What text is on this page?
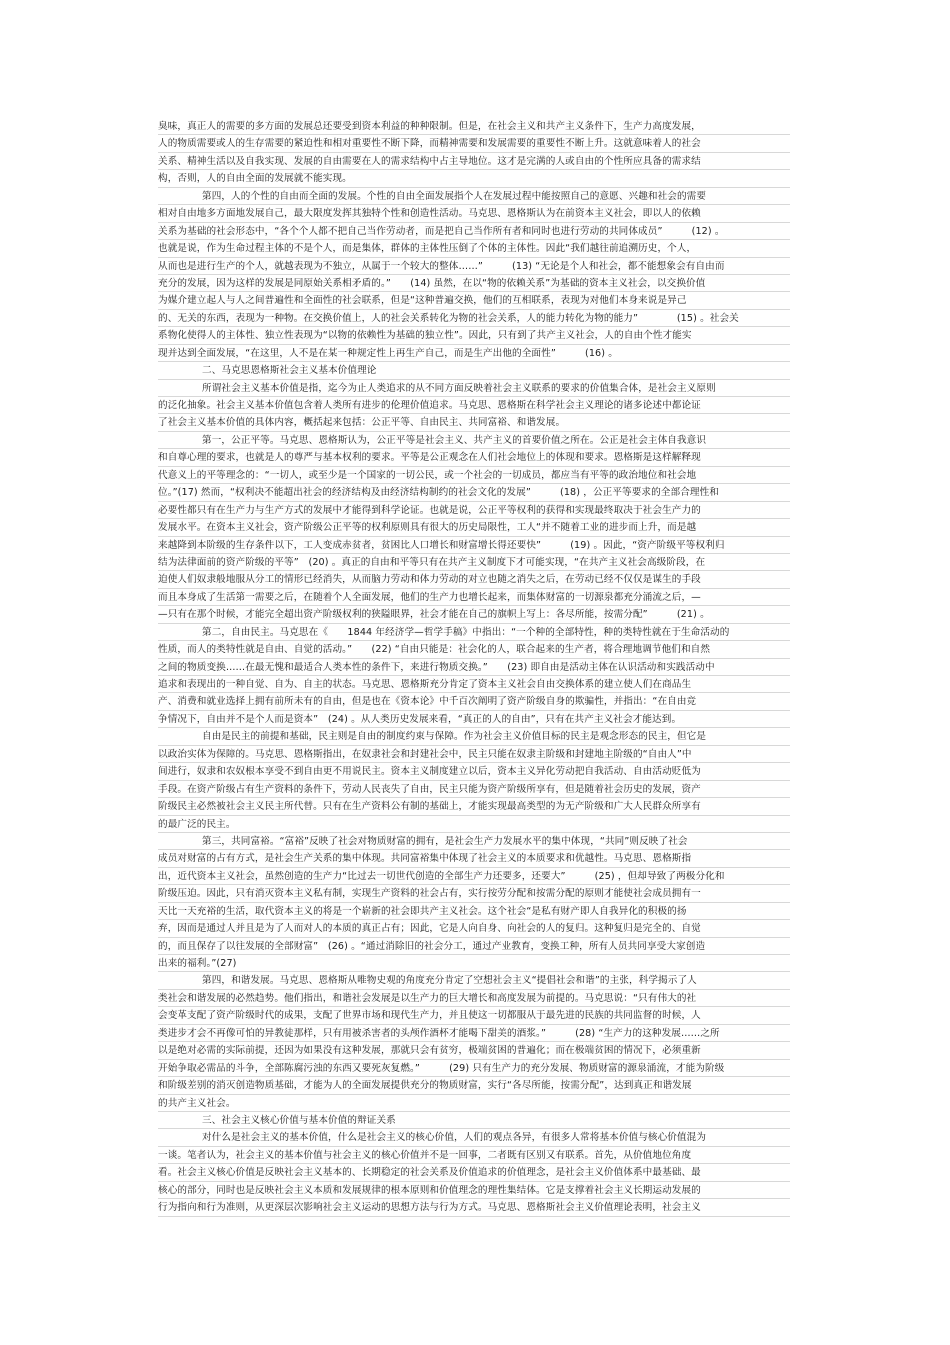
臭味，真正人的需要的多方面的发展总还要受到资本利益的种种限制。但是，在社会主义和共产主义条件下，生产力高度发展，
人的物质需要或人的生存需要的紧迫性和相对重要性不断下降，而精神需要和发展需要的重要性不断上升。这就意味着人的社会
关系、精神生活以及自我实现、发展的自由需要在人的需求结构中占主导地位。这才是完满的人或自由的个性所应具备的需求结
构，否则，人的自由全面的发展就不能实现。
第四，人的个性的自由而全面的发展。个性的自由全面发展指个人在发展过程中能按照自己的意愿、兴趣和社会的需要
相对自由地多方面地发展自己，最大限度发挥其独特个性和创造性活动。马克思、恩格斯认为在前资本主义社会，即以人的依赖
关系为基础的社会形态中，“各个个人都不把自己当作劳动者，而是把自己当作所有者和同时也进行劳动的共同体成员”　　　(12) 。
也就是说，作为生命过程主体的不是个人，而是集体，群体的主体性压倒了个体的主体性。因此“我们越往前追溯历史，个人，
从而也是进行生产的个人，就越表现为不独立，从属于一个较大的整体……”　　　(13) “无论是个人和社会，都不能想象会有自由而
充分的发展，因为这样的发展是同原始关系相矛盾的。”　　(14) 虽然，在以“物的依赖关系”为基础的资本主义社会，以交换价值
为媒介建立起人与人之间普遍性和全面性的社会联系，但是“这种普遍交换，他们的互相联系，表现为对他们本身来说是异己
的、无关的东西，表现为一种物。在交换价值上，人的社会关系转化为物的社会关系，人的能力转化为物的能力”　　　　(15) 。社会关
系物化使得人的主体性、独立性表现为“以物的依赖性为基础的独立性”。因此，只有到了共产主义社会，人的自由个性才能实
现并达到全面发展，“在这里，人不是在某一种规定性上再生产自己，而是生产出他的全面性”　　　(16) 。
二、马克思恩格斯社会主义基本价值理论
所谓社会主义基本价值是指，迄今为止人类追求的从不同方面反映着社会主义联系的要求的价值集合体，是社会主义原则
的泛化抽象。社会主义基本价值包含着人类所有进步的伦理价值追求。马克思、恩格斯在科学社会主义理论的诸多论述中都论证
了社会主义基本价值的具体内容，概括起来包括：公正平等、自由民主、共同富裕、和谐发展。
第一，公正平等。马克思、恩格斯认为，公正平等是社会主义、共产主义的首要价值之所在。公正是社会主体自我意识
和自尊心理的要求，也就是人的尊严与基本权利的要求。平等是公正观念在人们社会地位上的体现和要求。恩格斯是这样解释现
代意义上的平等理念的：“一切人，或至少是一个国家的一切公民，或一个社会的一切成员，都应当有平等的政治地位和社会地
位。”(17) 然而，“权利决不能超出社会的经济结构及由经济结构制约的社会文化的发展”　　　(18) ，公正平等要求的全部合理性和
必要性都只有在生产力与生产方式的发展中才能得到科学论证。也就是说，公正平等权利的获得和实现最终取决于社会生产力的
发展水平。在资本主义社会，资产阶级公正平等的权利原则具有很大的历史局限性，工人“并不随着工业的进步而上升，而是越
来越降到本阶级的生存条件以下，工人变成赤贫者，贫困比人口增长和财富增长得还要快”　　　(19) 。因此，“资产阶级平等权利归
结为法律面前的资产阶级的平等”　(20) 。真正的自由和平等只有在共产主义制度下才可能实现，“在共产主义社会高级阶段，在
迫使人们奴隶般地服从分工的情形已经消失，从而脑力劳动和体力劳动的对立也随之消失之后，在劳动已经不仅仅是谋生的手段
而且本身成了生活第一需要之后，在随着个人全面发展，他们的生产力也增长起来，而集体财富的一切源泉都充分涌流之后，—
—只有在那个时候，才能完全超出资产阶级权利的狭隘眼界，社会才能在自己的旗帜上写上：各尽所能，按需分配”　　　(21) 。
第二，自由民主。马克思在《　　1844 年经济学—哲学手稿》中指出：“一个种的全部特性，种的类特性就在于生命活动的
性质，而人的类特性就是自由、自觉的活动。”　　(22) “自由只能是：社会化的人，联合起来的生产者，将合理地调节他们和自然
之间的物质变换……在最无愧和最适合人类本性的条件下，来进行物质交换。”　　(23) 即自由是活动主体在认识活动和实践活动中
追求和表现出的一种自觉、自为、自主的状态。马克思、恩格斯充分肯定了资本主义社会自由交换体系的建立使人们在商品生
产、消费和就业选择上拥有前所未有的自由，但是也在《资本论》中千百次阐明了资产阶级自身的欺骗性，并指出：“在自由竞
争情况下，自由并不是个人而是资本”　(24) 。从人类历史发展来看，“真正的人的自由”，只有在共产主义社会才能达到。
自由是民主的前提和基础，民主则是自由的制度约束与保障。作为社会主义价值目标的民主是观念形态的民主，但它是
以政治实体为保障的。马克思、恩格斯指出，在奴隶社会和封建社会中，民主只能在奴隶主阶级和封建地主阶级的“自由人”中
间进行，奴隶和农奴根本享受不到自由更不用说民主。资本主义制度建立以后，资本主义异化劳动把自我活动、自由活动贬低为
手段。在资产阶级占有生产资料的条件下，劳动人民丧失了自由，民主只能为资产阶级所享有，但是随着社会历史的发展，资产
阶级民主必然被社会主义民主所代替。只有在生产资料公有制的基础上，才能实现最高类型的为无产阶级和广大人民群众所享有
的最广泛的民主。
第三，共同富裕。“富裕”反映了社会对物质财富的拥有，是社会生产力发展水平的集中体现，“共同”则反映了社会
成员对财富的占有方式，是社会生产关系的集中体现。共同富裕集中体现了社会主义的本质要求和优越性。马克思、恩格斯指
出，近代资本主义社会，虽然创造的生产力“比过去一切世代创造的全部生产力还要多，还要大”　　　(25) ，但却导致了两极分化和
阶级压迫。因此，只有消灭资本主义私有制，实现生产资料的社会占有，实行按劳分配和按需分配的原则才能使社会成员拥有一
天比一天充裕的生活，取代资本主义的将是一个崭新的社会即共产主义社会。这个社会“是私有财产即人自我异化的积极的扬
弃，因而是通过人并且是为了人而对人的本质的真正占有；因此，它是人向自身、向社会的人的复归。这种复归是完全的、自觉
的，而且保存了以往发展的全部财富”　(26) 。“通过消除旧的社会分工，通过产业教育，变换工种，所有人员共同享受大家创造
出来的福利。”(27)
第四，和谐发展。马克思、恩格斯从唯物史观的角度充分肯定了空想社会主义“提倡社会和谐”的主张，科学揭示了人
类社会和谐发展的必然趋势。他们指出，和谐社会发展是以生产力的巨大增长和高度发展为前提的。马克思说：“只有伟大的社
会变革支配了资产阶级时代的成果，支配了世界市场和现代生产力，并且使这一切都服从于最先进的民族的共同监督的时候，人
类进步才会不再像可怕的异教徒那样，只有用被杀害者的头颅作酒杯才能喝下甜美的酒浆。”　　　(28) “生产力的这种发展……之所
以是绝对必需的实际前提，还因为如果没有这种发展，那就只会有贫穷，极端贫困的普遍化；而在极端贫困的情况下，必须重新
开始争取必需品的斗争，全部陈腐污浊的东西又要死灰复燃。”　　　(29) 只有生产力的充分发展、物质财富的源泉涌流，才能为阶级
和阶级差别的消灭创造物质基础，才能为人的全面发展提供充分的物质财富，实行“各尽所能，按需分配”，达到真正和谐发展
的共产主义社会。
三、社会主义核心价值与基本价值的辩证关系
对什么是社会主义的基本价值，什么是社会主义的核心价值，人们的观点各异，有很多人常将基本价值与核心价值混为
一谈。笔者认为，社会主义的基本价值与社会主义的核心价值并不是一回事，二者既有区别又有联系。首先，从价值地位角度
看。社会主义核心价值是反映社会主义基本的、长期稳定的社会关系及价值追求的价值理念，是社会主义价值体系中最基础、最
核心的部分，同时也是反映社会主义本质和发展规律的根本原则和价值理念的理性集结体。它是支撑着社会主义长期运动发展的
行为指向和行为准则，从更深层次影响社会主义运动的思想方法与行为方式。马克思、恩格斯社会主义价值理论表明，社会主义
